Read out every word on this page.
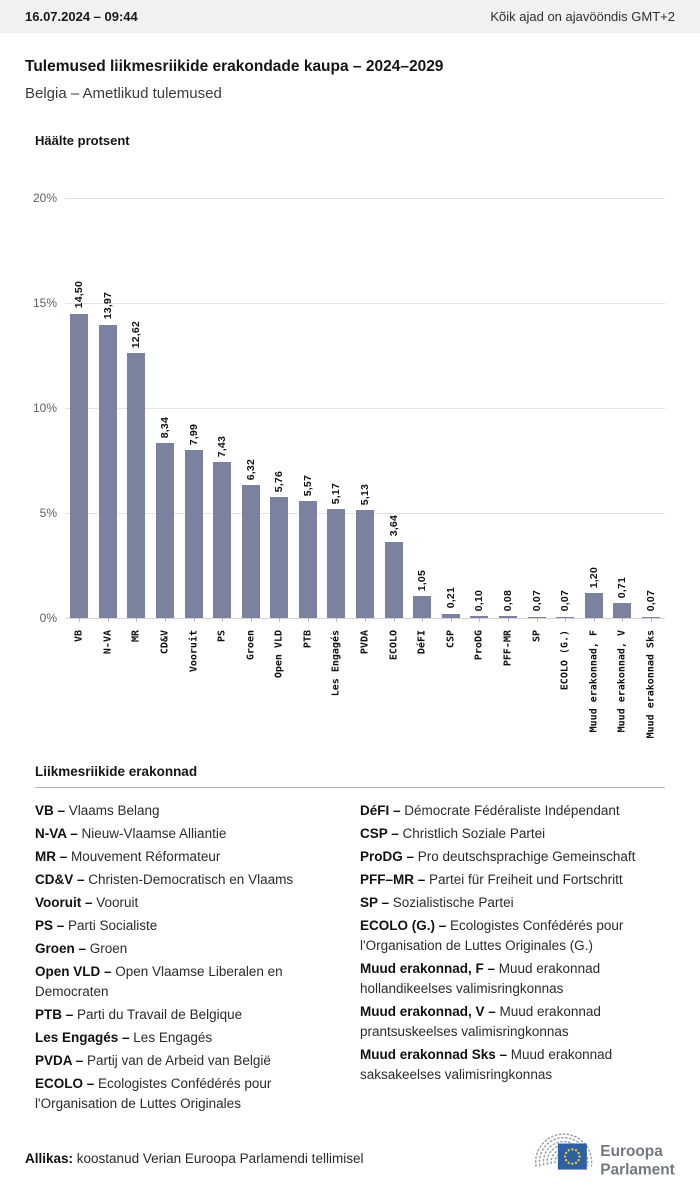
16.07.2024 – 09:44	Kõik ajad on ajavööndis GMT+2
Tulemused liikmesriikide erakondade kaupa – 2024–2029
Belgia – Ametlikud tulemused
Häälte protsent
20%
15%
10%
5%
0%
14,50 13,97
12,62
8,34 7,99
7,43
6,32
5,76 5,57 5,17 5,13
3,64
1,05
0,21 0,10 0,08 0,07 0,07
1,20 0,71
0,07
VB N-VA MR CD&V Vooruit PS Groen Open VLD PTB Les Engagés PVDA ECOLO DéFI CSP ProDG PFF-MR SP ECOLO (G.) Muud erakonnad, F Muud erakonnad, V Muud erakonnad Sks
Liikmesriikide erakonnad
VB – Vlaams Belang
N-VA – Nieuw-Vlaamse Alliantie
MR – Mouvement Réformateur
CD&V – Christen-Democratisch en Vlaams
Vooruit – Vooruit
PS – Parti Socialiste
Groen – Groen
Open VLD – Open Vlaamse Liberalen en Democraten
PTB – Parti du Travail de Belgique
Les Engagés – Les Engagés
PVDA – Partij van de Arbeid van België
ECOLO – Ecologistes Confédérés pour l'Organisation de Luttes Originales
DéFI – Démocrate Fédéraliste Indépendant
CSP – Christlich Soziale Partei
ProDG – Pro deutschsprachige Gemeinschaft
PFF–MR – Partei für Freiheit und Fortschritt
SP – Sozialistische Partei
ECOLO (G.) – Ecologistes Confédérés pour l'Organisation de Luttes Originales (G.)
Muud erakonnad, F – Muud erakonnad hollandikeelses valimisringkonnas
Muud erakonnad, V – Muud erakonnad prantsuskeelses valimisringkonnas
Muud erakonnad Sks – Muud erakonnad saksakeelses valimisringkonnas
Allikas: koostanud Verian Euroopa Parlamendi tellimisel	Euroopa
Parlament
